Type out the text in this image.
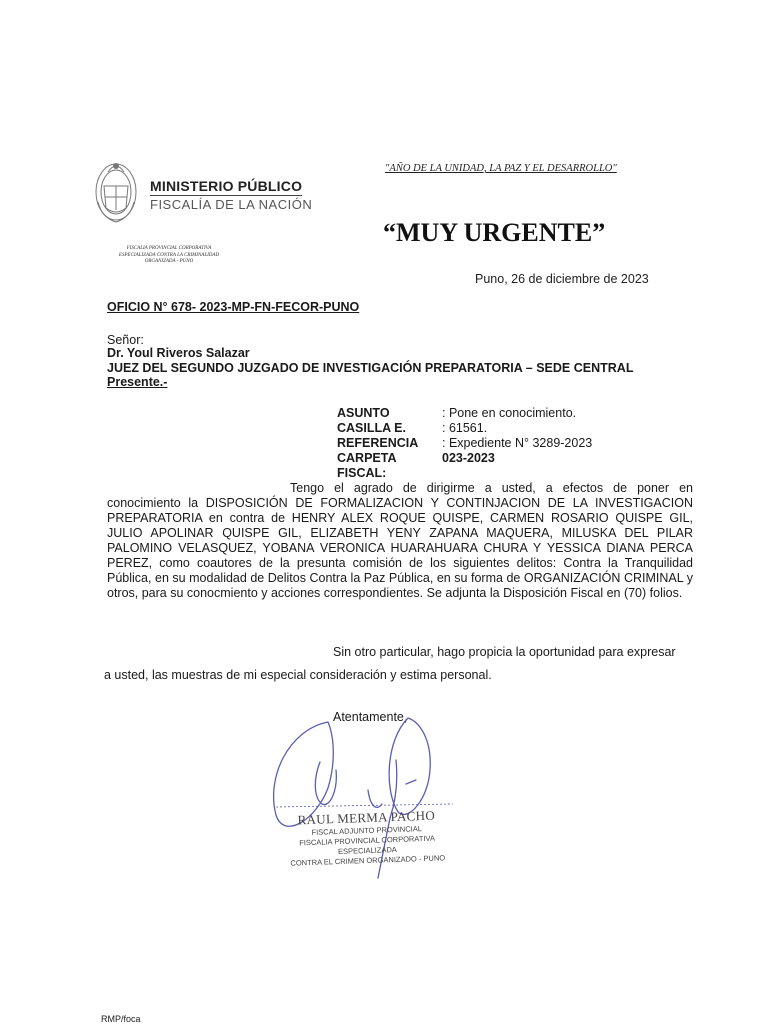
MINISTERIO PÚBLICO
FISCALÍA DE LA NACIÓN
"AÑO DE LA UNIDAD, LA PAZ Y EL DESARROLLO"
FISCALIA PROVINCIAL CORPORATIVA
ESPECIALIZADA CONTRA LA CRIMINALIDAD
ORGANIZADA - PUNO
“MUY URGENTE”
Puno, 26 de diciembre de 2023
OFICIO N° 678- 2023-MP-FN-FECOR-PUNO
Señor:
Dr. Youl Riveros Salazar
JUEZ DEL SEGUNDO JUZGADO DE INVESTIGACIÓN PREPARATORIA – SEDE CENTRAL
Presente.-
ASUNTO	: Pone en conocimiento.
CASILLA E.	: 61561.
REFERENCIA	: Expediente N° 3289-2023
CARPETA FISCAL:
023-2023
Tengo el agrado de dirigirme a usted, a efectos de poner en conocimiento la DISPOSICIÓN DE FORMALIZACION Y CONTINJACION DE LA INVESTIGACION PREPARATORIA en contra de HENRY ALEX ROQUE QUISPE, CARMEN ROSARIO QUISPE GIL, JULIO APOLINAR QUISPE GIL, ELIZABETH YENY ZAPANA MAQUERA, MILUSKA DEL PILAR PALOMINO VELASQUEZ, YOBANA VERONICA HUARAHUARA CHURA Y YESSICA DIANA PERCA PEREZ, como coautores de la presunta comisión de los siguientes delitos: Contra la Tranquilidad Pública, en su modalidad de Delitos Contra la Paz Pública, en su forma de ORGANIZACIÓN CRIMINAL y otros, para su conocmiento y acciones correspondientes. Se adjunta la Disposición Fiscal en (70) folios.
Sin otro particular, hago propicia la oportunidad para expresar
a usted, las muestras de mi especial consideración y estima personal.
Atentamente,
RAUL MERMA PACHO
FISCAL ADJUNTO PROVINCIAL
FISCALIA PROVINCIAL CORPORATIVA ESPECIALIZADA
CONTRA EL CRIMEN ORGANIZADO - PUNO
RMP/foca
